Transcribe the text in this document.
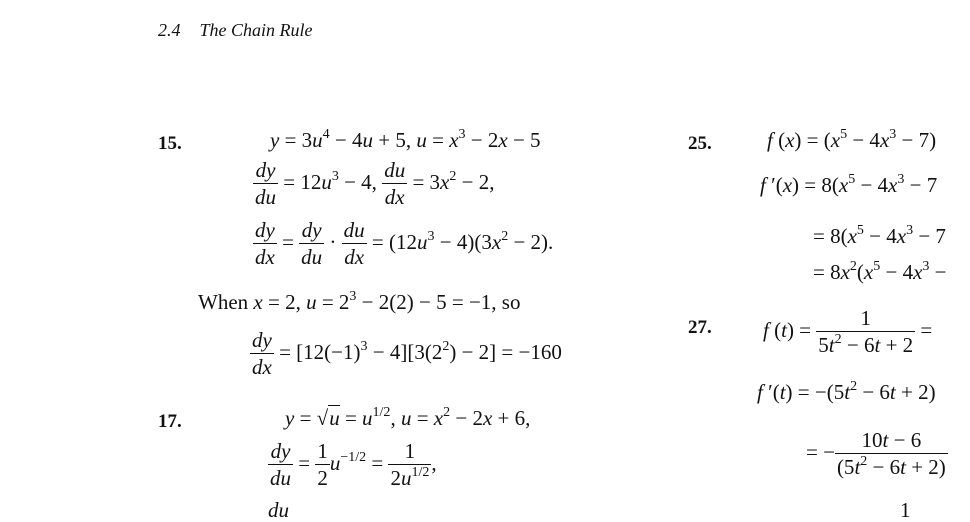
2.4 The Chain Rule
15.
17.
25.
27.
$y = 3u^4 - 4u + 5$, $u = x^3 - 2x - 5$
$\frac{dy}{du} = 12u^3 - 4$, $\frac{du}{dx} = 3x^2 - 2$,
$\frac{dy}{dx} = \frac{dy}{du} \cdot \frac{du}{dx} = (12u^3 - 4)(3x^2 - 2)$.
When x = 2, $u = 2^3 - 2(2) - 5 = -1$, so
$\frac{dy}{dx} = [12(-1)^3 - 4][3(2^2) - 2] = -160$
$y = √u = u^{1/2}$, $u = x^2 - 2x + 6$,
$\frac{dy}{du} = \frac{1}{2} u^{-1/2} = \frac{1}{2u^{1/2}}$ ,
du
f $(x) = (x^5 - 4x^3 - 7)$
f $'(x) = 8(x^5 - 4x^3 - 7$
= $8(x^5 - 4x^3 - 7$
= $8x^2(x^5 - 4x^3$ −
f $(t) = \frac{1}{5t^2 - 6t + 2}$ =
f $'(t) = -(5t^2 - 6t + 2)$
= − $\frac{10t - 6}{(5t^2 - 6t + 2)}$
1
